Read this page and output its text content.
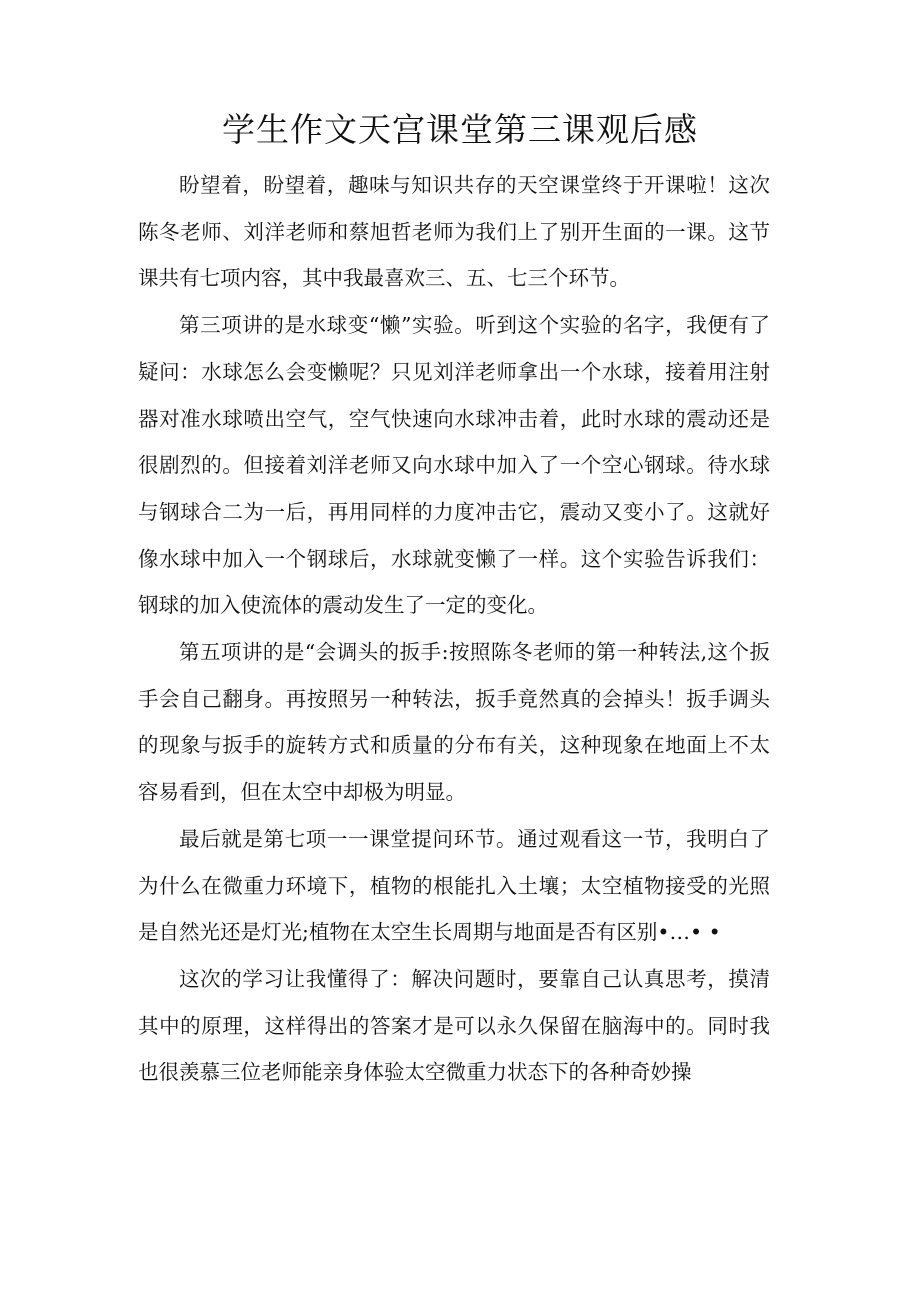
学生作文天宫课堂第三课观后感

盼望着，盼望着，趣味与知识共存的天空课堂终于开课啦！这次陈冬老师、刘洋老师和蔡旭哲老师为我们上了别开生面的一课。这节课共有七项内容，其中我最喜欢三、五、七三个环节。

第三项讲的是水球变“懒”实验。听到这个实验的名字，我便有了疑问：水球怎么会变懒呢？只见刘洋老师拿出一个水球，接着用注射器对准水球喷出空气，空气快速向水球冲击着，此时水球的震动还是很剧烈的。但接着刘洋老师又向水球中加入了一个空心钢球。待水球与钢球合二为一后，再用同样的力度冲击它，震动又变小了。这就好像水球中加入一个钢球后，水球就变懒了一样。这个实验告诉我们：钢球的加入使流体的震动发生了一定的变化。

第五项讲的是“会调头的扳手:按照陈冬老师的第一种转法,这个扳手会自己翻身。再按照另一种转法，扳手竟然真的会掉头！扳手调头的现象与扳手的旋转方式和质量的分布有关，这种现象在地面上不太容易看到，但在太空中却极为明显。

最后就是第七项一一课堂提问环节。通过观看这一节，我明白了为什么在微重力环境下，植物的根能扎入土壤；太空植物接受的光照是自然光还是灯光;植物在太空生长周期与地面是否有区别•…• •

这次的学习让我懂得了：解决问题时，要靠自己认真思考，摸清其中的原理，这样得出的答案才是可以永久保留在脑海中的。同时我也很羡慕三位老师能亲身体验太空微重力状态下的各种奇妙操
